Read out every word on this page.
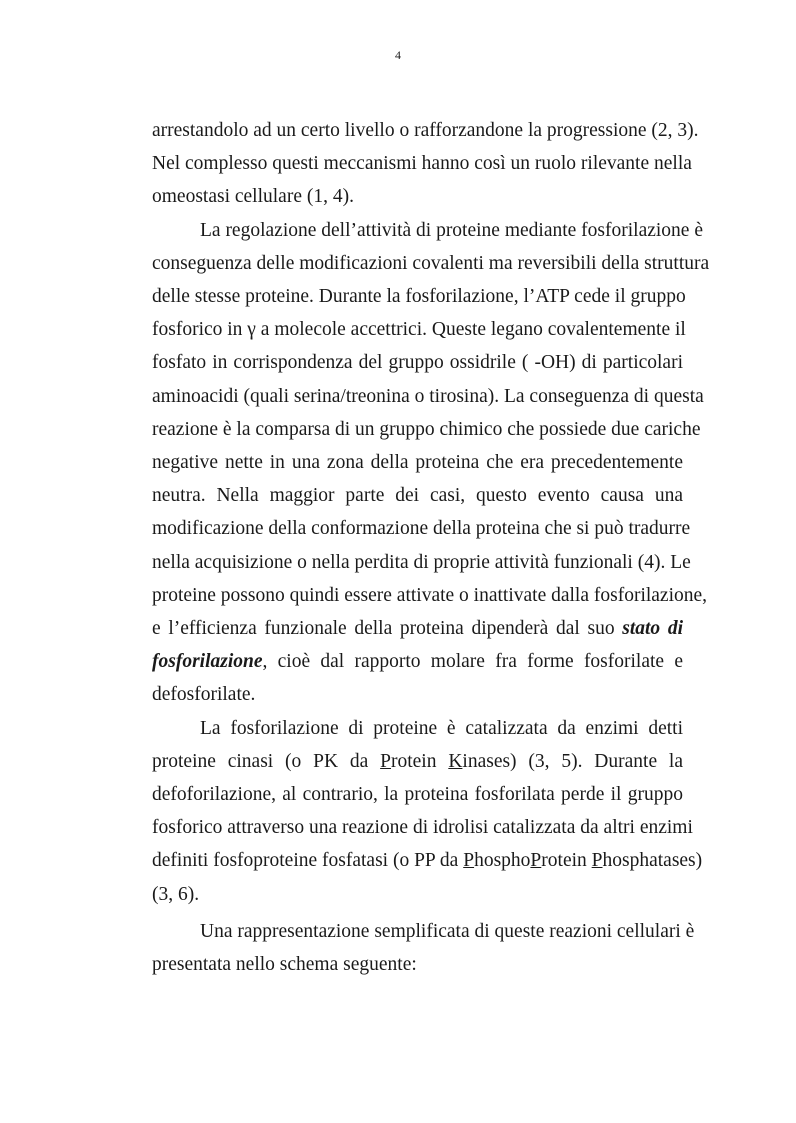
4

arrestandolo ad un certo livello o rafforzandone la progressione (2, 3).
Nel complesso questi meccanismi hanno così un ruolo rilevante nella
omeostasi cellulare (1, 4).

La regolazione dell’attività di proteine mediante fosforilazione è
conseguenza delle modificazioni covalenti ma reversibili della struttura
delle stesse proteine. Durante la fosforilazione, l’ATP cede il gruppo
fosforico in γ a molecole accettrici. Queste legano covalentemente il
fosfato in corrispondenza del gruppo ossidrile ( -OH) di particolari
aminoacidi (quali serina/treonina o tirosina). La conseguenza di questa
reazione è la comparsa di un gruppo chimico che possiede due cariche
negative nette in una zona della proteina che era precedentemente
neutra. Nella maggior parte dei casi, questo evento causa una
modificazione della conformazione della proteina che si può tradurre
nella acquisizione o nella perdita di proprie attività funzionali (4). Le
proteine possono quindi essere attivate o inattivate dalla fosforilazione,
e l’efficienza funzionale della proteina dipenderà dal suo stato di
fosforilazione, cioè dal rapporto molare fra forme fosforilate e
defosforilate.

La fosforilazione di proteine è catalizzata da enzimi detti
proteine cinasi (o PK da Protein Kinases) (3, 5). Durante la
defoforilazione, al contrario, la proteina fosforilata perde il gruppo
fosforico attraverso una reazione di idrolisi catalizzata da altri enzimi
definiti fosfoproteine fosfatasi (o PP da PhosphoProtein Phosphatases)
(3, 6).

Una rappresentazione semplificata di queste reazioni cellulari è
presentata nello schema seguente:
